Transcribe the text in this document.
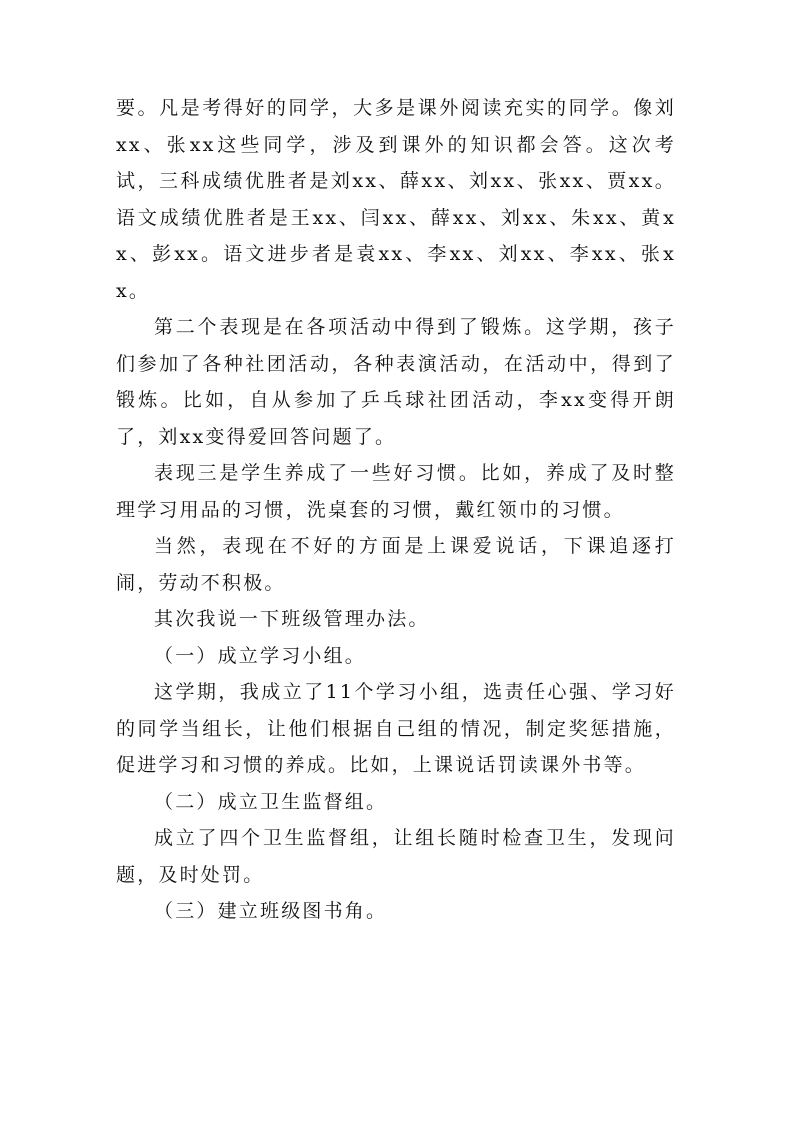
要。凡是考得好的同学，大多是课外阅读充实的同学。像刘xx、张xx这些同学，涉及到课外的知识都会答。这次考试，三科成绩优胜者是刘xx、薛xx、刘xx、张xx、贾xx。语文成绩优胜者是王xx、闫xx、薛xx、刘xx、朱xx、黄xx、彭xx。语文进步者是袁xx、李xx、刘xx、李xx、张xx。

第二个表现是在各项活动中得到了锻炼。这学期，孩子们参加了各种社团活动，各种表演活动，在活动中，得到了锻炼。比如，自从参加了乒乓球社团活动，李xx变得开朗了，刘xx变得爱回答问题了。

表现三是学生养成了一些好习惯。比如，养成了及时整理学习用品的习惯，洗桌套的习惯，戴红领巾的习惯。

当然，表现在不好的方面是上课爱说话，下课追逐打闹，劳动不积极。

其次我说一下班级管理办法。

（一）成立学习小组。

这学期，我成立了11个学习小组，选责任心强、学习好的同学当组长，让他们根据自己组的情况，制定奖惩措施，促进学习和习惯的养成。比如，上课说话罚读课外书等。

（二）成立卫生监督组。

成立了四个卫生监督组，让组长随时检查卫生，发现问题，及时处罚。

（三）建立班级图书角。
